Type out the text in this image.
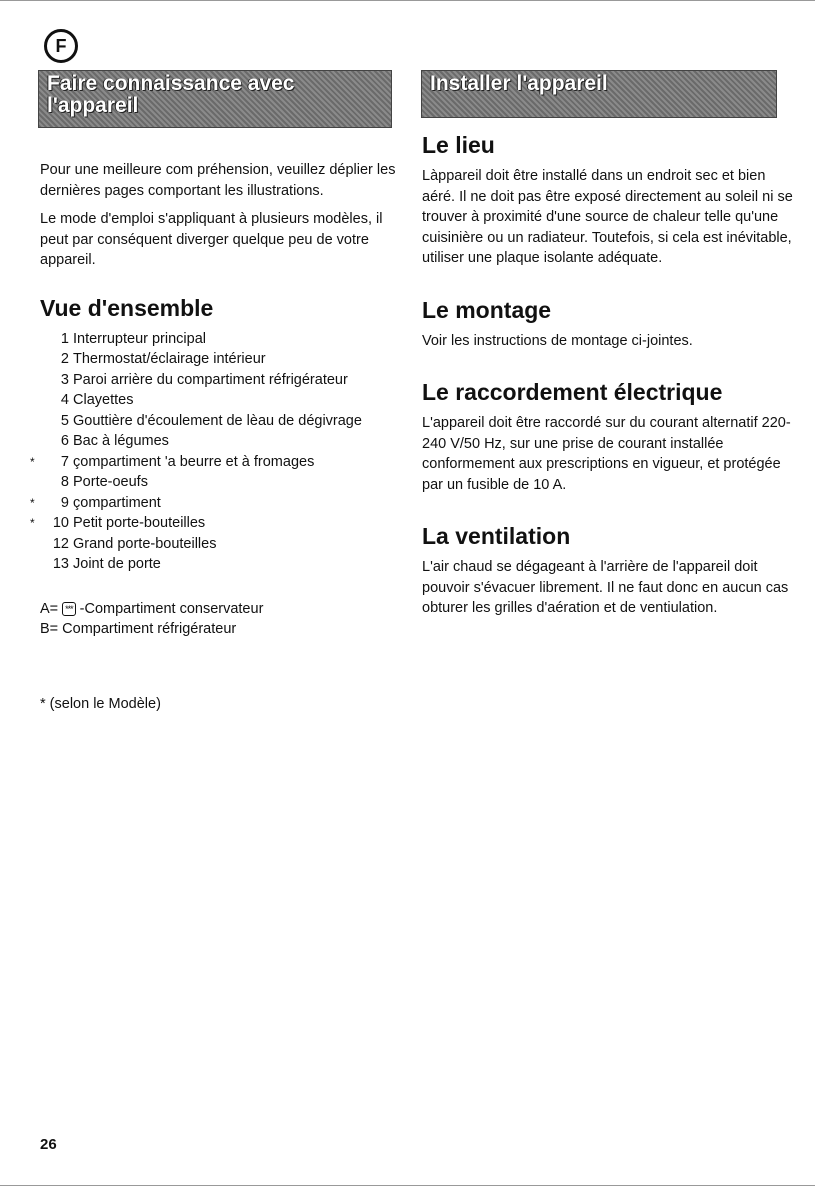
F
Faire connaissance avec l'appareil
Installer l'appareil

Pour une meilleure com préhension, veuillez déplier les dernières pages comportant les illustrations.

Le mode d'emploi s'appliquant à plusieurs modèles, il peut par conséquent diverger quelque peu de votre appareil.

Vue d'ensemble
1 Interrupteur principal
2 Thermostat/éclairage intérieur
3 Paroi arrière du compartiment réfrigérateur
4 Clayettes
5 Gouttière d'écoulement de lèau de dégivrage
6 Bac à légumes
*	7 çompartiment 'a beurre et à fromages
8 Porte-oeufs
*	9 çompartiment
*	10 Petit porte-bouteilles
12 Grand porte-bouteilles
13 Joint de porte
A= *** -Compartiment conservateur
B= Compartiment réfrigérateur
* (selon le Modèle)
Le lieu

Làppareil doit être installé dans un endroit sec et bien aéré. Il ne doit pas être exposé directement au soleil ni se trouver à proximité d'une source de chaleur telle qu'une cuisinière ou un radiateur. Toutefois, si cela est inévitable, utiliser une plaque isolante adéquate.

Le montage

Voir les instructions de montage ci-jointes.

Le raccordement électrique

L'appareil doit être raccordé sur du courant alternatif 220-240 V/50 Hz, sur une prise de courant installée conformement aux prescriptions en vigueur, et protégée par un fusible de 10 A.

La ventilation

L'air chaud se dégageant à l'arrière de l'appareil doit pouvoir s'évacuer librement. Il ne faut donc en aucun cas obturer les grilles d'aération et de ventiulation.

26
